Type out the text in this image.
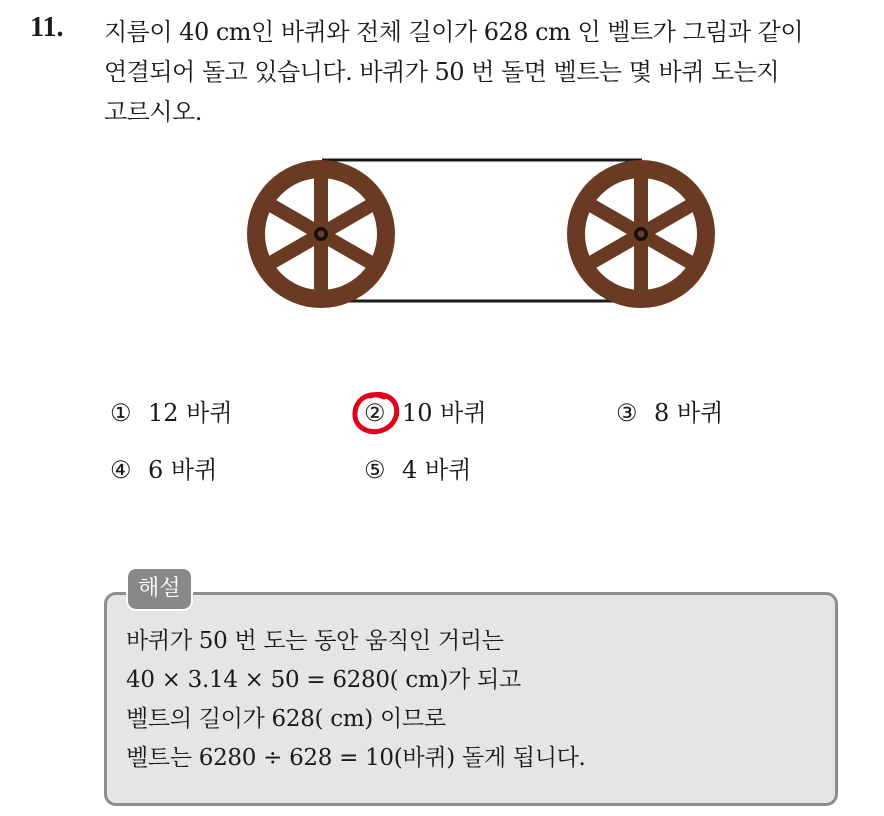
11. 지름이 40 cm인 바퀴와 전체 길이가 628 cm 인 벨트가 그림과 같이
연결되어 돌고 있습니다. 바퀴가 50 번 돌면 벨트는 몇 바퀴 도는지
고르시오.
① 12 바퀴	② 10 바퀴	③ 8 바퀴
④ 6 바퀴	⑤ 4 바퀴
해설
바퀴가 50 번 도는 동안 움직인 거리는
40 × 3.14 × 50 = 6280( cm)가 되고
벨트의 길이가 628( cm) 이므로
벨트는 6280 ÷ 628 = 10(바퀴) 돌게 됩니다.
